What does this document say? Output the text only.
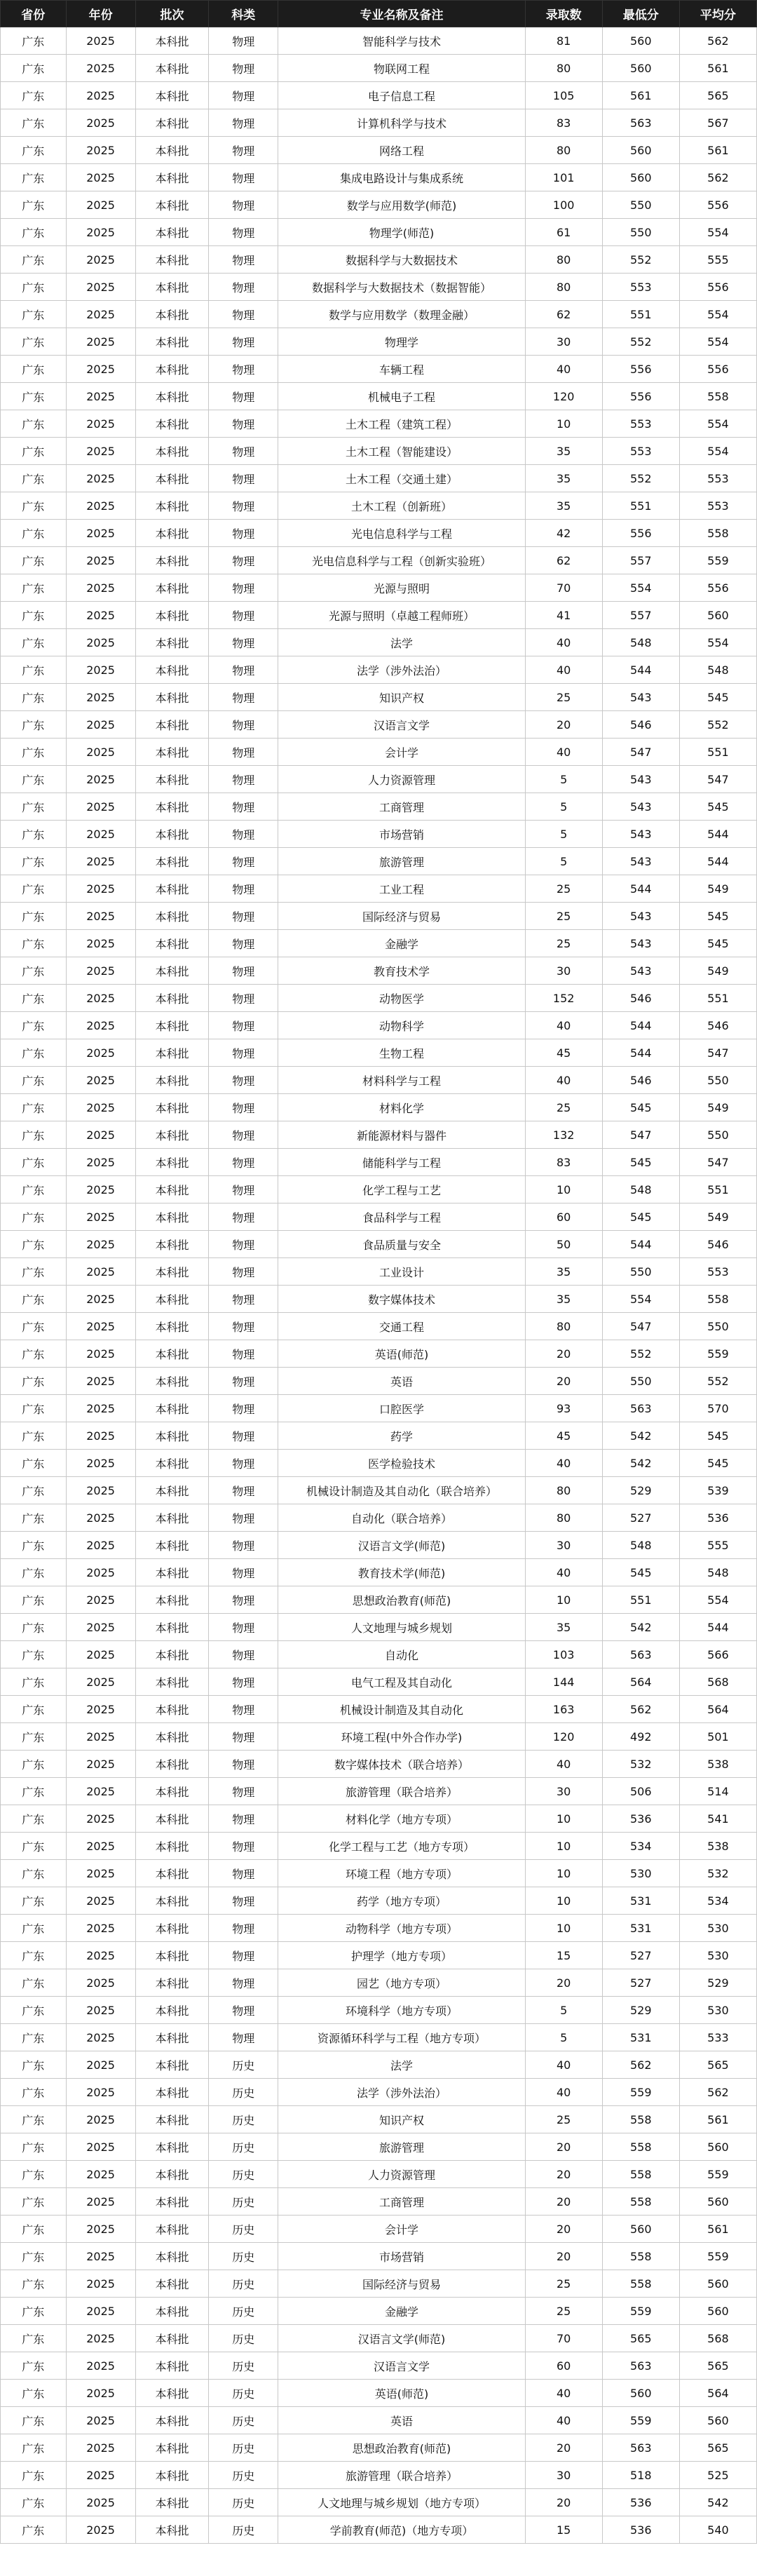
省份	年份	批次	科类	专业名称及备注	录取数	最低分	平均分
广东	2025	本科批	物理	智能科学与技术	81	560	562
广东	2025	本科批	物理	物联网工程	80	560	561
广东	2025	本科批	物理	电子信息工程	105	561	565
广东	2025	本科批	物理	计算机科学与技术	83	563	567
广东	2025	本科批	物理	网络工程	80	560	561
广东	2025	本科批	物理	集成电路设计与集成系统	101	560	562
广东	2025	本科批	物理	数学与应用数学(师范)	100	550	556
广东	2025	本科批	物理	物理学(师范)	61	550	554
广东	2025	本科批	物理	数据科学与大数据技术	80	552	555
广东	2025	本科批	物理	数据科学与大数据技术（数据智能）	80	553	556
广东	2025	本科批	物理	数学与应用数学（数理金融）	62	551	554
广东	2025	本科批	物理	物理学	30	552	554
广东	2025	本科批	物理	车辆工程	40	556	556
广东	2025	本科批	物理	机械电子工程	120	556	558
广东	2025	本科批	物理	土木工程（建筑工程）	10	553	554
广东	2025	本科批	物理	土木工程（智能建设）	35	553	554
广东	2025	本科批	物理	土木工程（交通土建）	35	552	553
广东	2025	本科批	物理	土木工程（创新班）	35	551	553
广东	2025	本科批	物理	光电信息科学与工程	42	556	558
广东	2025	本科批	物理	光电信息科学与工程（创新实验班）	62	557	559
广东	2025	本科批	物理	光源与照明	70	554	556
广东	2025	本科批	物理	光源与照明（卓越工程师班）	41	557	560
广东	2025	本科批	物理	法学	40	548	554
广东	2025	本科批	物理	法学（涉外法治）	40	544	548
广东	2025	本科批	物理	知识产权	25	543	545
广东	2025	本科批	物理	汉语言文学	20	546	552
广东	2025	本科批	物理	会计学	40	547	551
广东	2025	本科批	物理	人力资源管理	5	543	547
广东	2025	本科批	物理	工商管理	5	543	545
广东	2025	本科批	物理	市场营销	5	543	544
广东	2025	本科批	物理	旅游管理	5	543	544
广东	2025	本科批	物理	工业工程	25	544	549
广东	2025	本科批	物理	国际经济与贸易	25	543	545
广东	2025	本科批	物理	金融学	25	543	545
广东	2025	本科批	物理	教育技术学	30	543	549
广东	2025	本科批	物理	动物医学	152	546	551
广东	2025	本科批	物理	动物科学	40	544	546
广东	2025	本科批	物理	生物工程	45	544	547
广东	2025	本科批	物理	材料科学与工程	40	546	550
广东	2025	本科批	物理	材料化学	25	545	549
广东	2025	本科批	物理	新能源材料与器件	132	547	550
广东	2025	本科批	物理	储能科学与工程	83	545	547
广东	2025	本科批	物理	化学工程与工艺	10	548	551
广东	2025	本科批	物理	食品科学与工程	60	545	549
广东	2025	本科批	物理	食品质量与安全	50	544	546
广东	2025	本科批	物理	工业设计	35	550	553
广东	2025	本科批	物理	数字媒体技术	35	554	558
广东	2025	本科批	物理	交通工程	80	547	550
广东	2025	本科批	物理	英语(师范)	20	552	559
广东	2025	本科批	物理	英语	20	550	552
广东	2025	本科批	物理	口腔医学	93	563	570
广东	2025	本科批	物理	药学	45	542	545
广东	2025	本科批	物理	医学检验技术	40	542	545
广东	2025	本科批	物理	机械设计制造及其自动化（联合培养）	80	529	539
广东	2025	本科批	物理	自动化（联合培养）	80	527	536
广东	2025	本科批	物理	汉语言文学(师范)	30	548	555
广东	2025	本科批	物理	教育技术学(师范)	40	545	548
广东	2025	本科批	物理	思想政治教育(师范)	10	551	554
广东	2025	本科批	物理	人文地理与城乡规划	35	542	544
广东	2025	本科批	物理	自动化	103	563	566
广东	2025	本科批	物理	电气工程及其自动化	144	564	568
广东	2025	本科批	物理	机械设计制造及其自动化	163	562	564
广东	2025	本科批	物理	环境工程(中外合作办学)	120	492	501
广东	2025	本科批	物理	数字媒体技术（联合培养）	40	532	538
广东	2025	本科批	物理	旅游管理（联合培养）	30	506	514
广东	2025	本科批	物理	材料化学（地方专项）	10	536	541
广东	2025	本科批	物理	化学工程与工艺（地方专项）	10	534	538
广东	2025	本科批	物理	环境工程（地方专项）	10	530	532
广东	2025	本科批	物理	药学（地方专项）	10	531	534
广东	2025	本科批	物理	动物科学（地方专项）	10	531	530
广东	2025	本科批	物理	护理学（地方专项）	15	527	530
广东	2025	本科批	物理	园艺（地方专项）	20	527	529
广东	2025	本科批	物理	环境科学（地方专项）	5	529	530
广东	2025	本科批	物理	资源循环科学与工程（地方专项）	5	531	533
广东	2025	本科批	历史	法学	40	562	565
广东	2025	本科批	历史	法学（涉外法治）	40	559	562
广东	2025	本科批	历史	知识产权	25	558	561
广东	2025	本科批	历史	旅游管理	20	558	560
广东	2025	本科批	历史	人力资源管理	20	558	559
广东	2025	本科批	历史	工商管理	20	558	560
广东	2025	本科批	历史	会计学	20	560	561
广东	2025	本科批	历史	市场营销	20	558	559
广东	2025	本科批	历史	国际经济与贸易	25	558	560
广东	2025	本科批	历史	金融学	25	559	560
广东	2025	本科批	历史	汉语言文学(师范)	70	565	568
广东	2025	本科批	历史	汉语言文学	60	563	565
广东	2025	本科批	历史	英语(师范)	40	560	564
广东	2025	本科批	历史	英语	40	559	560
广东	2025	本科批	历史	思想政治教育(师范)	20	563	565
广东	2025	本科批	历史	旅游管理（联合培养）	30	518	525
广东	2025	本科批	历史	人文地理与城乡规划（地方专项）	20	536	542
广东	2025	本科批	历史	学前教育(师范)（地方专项）	15	536	540
